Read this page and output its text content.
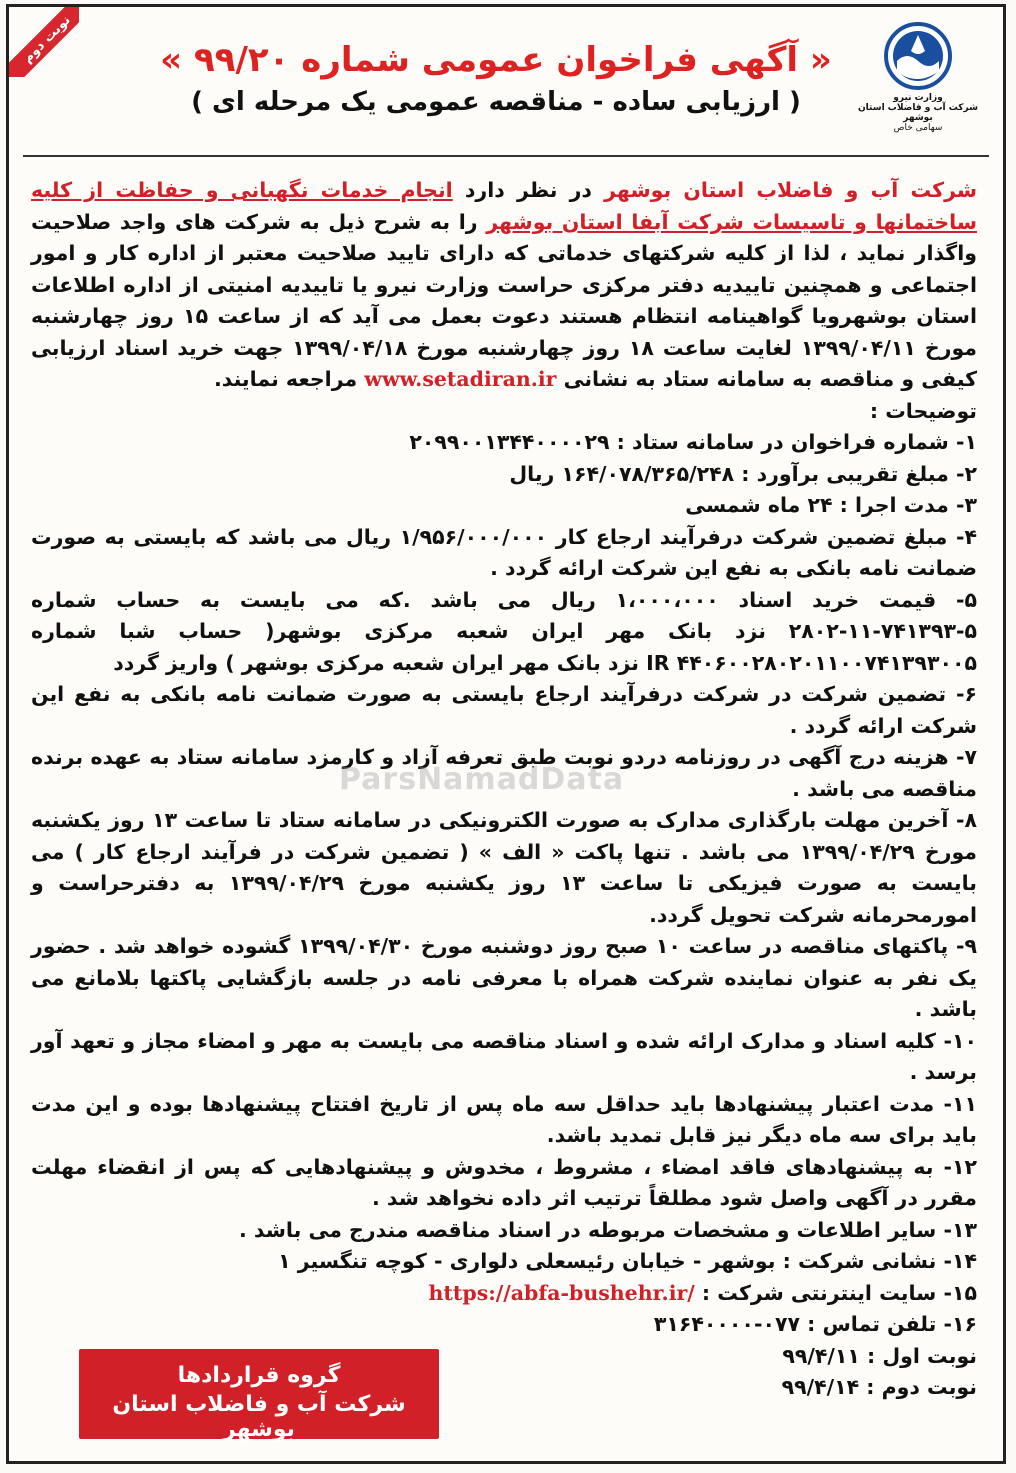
نوبت دوم
وزارت نیرو
شرکت آب و فاضلاب استان بوشهر
سهامی خاص
« آگهی فراخوان عمومی شماره ۹۹/۲۰ »
( ارزیابی ساده - مناقصه عمومی یک مرحله ای )

شرکت آب و فاضلاب استان بوشهر در نظر دارد انجام خدمات نگهبانی و حفاظت از کلیه ساختمانها و تاسیسات شرکت آبفا استان بوشهر را به شرح ذیل به شرکت های واجد صلاحیت واگذار نماید ، لذا از کلیه شرکتهای خدماتی که دارای تایید صلاحیت معتبر از اداره کار و امور اجتماعی و همچنین تاییدیه دفتر مرکزی حراست وزارت نیرو یا تاییدیه امنیتی از اداره اطلاعات استان بوشهرویا گواهینامه انتظام هستند دعوت بعمل می آید که از ساعت ۱۵ روز چهارشنبه مورخ ۱۳۹۹/۰۴/۱۱ لغایت ساعت ۱۸ روز چهارشنبه مورخ ۱۳۹۹/۰۴/۱۸ جهت خرید اسناد ارزیابی کیفی و مناقصه به سامانه ستاد به نشانی www.setadiran.ir مراجعه نمایند.

توضیحات :

۱- شماره فراخوان در سامانه ستاد : ۲۰۹۹۰۰۱۳۴۴۰۰۰۰۲۹

۲- مبلغ تقریبی برآورد : ۱۶۴/۰۷۸/۳۶۵/۲۴۸ ریال

۳- مدت اجرا : ۲۴ ماه شمسی

۴- مبلغ تضمین شرکت درفرآیند ارجاع کار ۱/۹۵۶/۰۰۰/۰۰۰ ریال می باشد که بایستی به صورت ضمانت نامه بانکی به نفع این شرکت ارائه گردد .

۵- قیمت خرید اسناد ۱،۰۰۰،۰۰۰ ریال می باشد .که می بایست به حساب شماره ۵-۷۴۱۳۹۳-۱۱-۲۸۰۲ نزد بانک مهر ایران شعبه مرکزی بوشهر( حساب شبا شماره ۴۴۰۶۰۰۲۸۰۲۰۱۱۰۰۷۴۱۳۹۳۰۰۵ IR نزد بانک مهر ایران شعبه مرکزی بوشهر ) واریز گردد

۶- تضمین شرکت در شرکت درفرآیند ارجاع بایستی به صورت ضمانت نامه بانکی به نفع این شرکت ارائه گردد .

۷- هزینه درج آگهی در روزنامه دردو نوبت طبق تعرفه آزاد و کارمزد سامانه ستاد به عهده برنده مناقصه می باشد .

۸- آخرین مهلت بارگذاری مدارک به صورت الکترونیکی در سامانه ستاد تا ساعت ۱۳ روز یکشنبه مورخ ۱۳۹۹/۰۴/۲۹ می باشد . تنها پاکت « الف » ( تضمین شرکت در فرآیند ارجاع کار ) می بایست به صورت فیزیکی تا ساعت ۱۳ روز یکشنبه مورخ ۱۳۹۹/۰۴/۲۹ به دفترحراست و امورمحرمانه شرکت تحویل گردد.

۹- پاکتهای مناقصه در ساعت ۱۰ صبح روز دوشنبه مورخ ۱۳۹۹/۰۴/۳۰ گشوده خواهد شد . حضور یک نفر به عنوان نماینده شرکت همراه با معرفی نامه در جلسه بازگشایی پاکتها بلامانع می باشد .

۱۰- کلیه اسناد و مدارک ارائه شده و اسناد مناقصه می بایست به مهر و امضاء مجاز و تعهد آور برسد .

۱۱- مدت اعتبار پیشنهادها باید حداقل سه ماه پس از تاریخ افتتاح پیشنهادها بوده و این مدت باید برای سه ماه دیگر نیز قابل تمدید باشد.

۱۲- به پیشنهادهای فاقد امضاء ، مشروط ، مخدوش و پیشنهادهایی که پس از انقضاء مهلت مقرر در آگهی واصل شود مطلقاً ترتیب اثر داده نخواهد شد .

۱۳- سایر اطلاعات و مشخصات مربوطه در اسناد مناقصه مندرج می باشد .

۱۴- نشانی شرکت : بوشهر - خیابان رئیسعلی دلواری - کوچه تنگسیر ۱

۱۵- سایت اینترنتی شرکت : https://abfa-bushehr.ir/

۱۶- تلفن تماس : ۰۷۷-۳۱۶۴۰۰۰۰

نوبت اول : ۹۹/۴/۱۱

نوبت دوم : ۹۹/۴/۱۴

ParsNamadData
گروه قراردادها
شرکت آب و فاضلاب استان بوشهر
